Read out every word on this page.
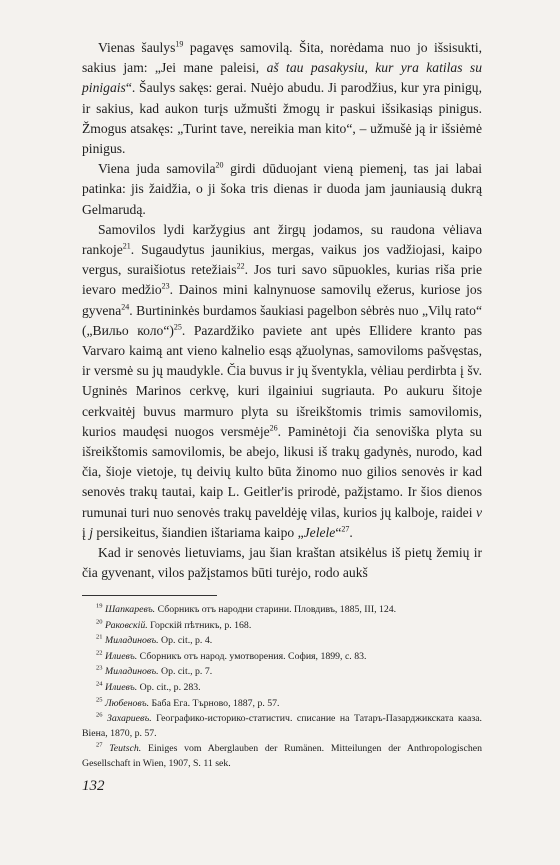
Vienas šaulys$^{19}$ pagavęs samovilą. Šita, norėdama nuo jo išsisukti, sakius jam: „Jei mane paleisi, aš tau pasakysiu, kur yra katilas su pinigais“. Šaulys sakęs: gerai. Nuėjo abudu. Ji parodžius, kur yra pinigų, ir sakius, kad aukon turįs užmušti žmogų ir paskui išsikasiąs pinigus. Žmogus atsakęs: „Turint tave, nereikia man kito“, – užmušė ją ir išsiėmė pinigus.

Viena juda samovila$^{20}$ girdi dūduojant vieną piemenį, tas jai labai patinka: jis žaidžia, o ji šoka tris dienas ir duoda jam jauniausią dukrą Gelmarudą.

Samovilos lydi karžygius ant žirgų jodamos, su raudona vėliava rankoje$^{21}$. Sugaudytus jaunikius, mergas, vaikus jos vadžiojasi, kaipo vergus, suraišiotus retežiais$^{22}$. Jos turi savo sūpuokles, kurias riša prie ievaro medžio$^{23}$. Dainos mini kalnynuose samovilų ežerus, kuriose jos gyvena$^{24}$. Burtininkės burdamos šaukiasi pagelbon sėbrės nuo „Vilų rato“ („Вильо коло“)$^{25}$. Pazardžiko paviete ant upės Ellidere kranto pas Varvaro kaimą ant vieno kalnelio esąs ąžuolynas, samoviloms pašvęstas, ir versmė su jų maudykle. Čia buvus ir jų šventykla, vėliau perdirbta į šv. Ugninės Marinos cerkvę, kuri ilgainiui sugriauta. Po aukuru šitoje cerkvaitėj buvus marmuro plyta su išreikštomis trimis samovilomis, kurios maudęsi nuogos versmėje$^{26}$. Paminėtoji čia senoviška plyta su išreikštomis samovilomis, be abejo, likusi iš trakų gadynės, nurodo, kad čia, šioje vietoje, tų deivių kulto būta žinomo nuo gilios senovės ir kad senovės trakų tautai, kaip L. Geitler'is prirodė, pažįstamo. Ir šios dienos rumunai turi nuo senovės trakų paveldėję vilas, kurios jų kalboje, raidei v į j persikeitus, šiandien ištariama kaipo „Jelele“$^{27}$.

Kad ir senovės lietuviams, jau šian kraštan atsikėlus iš pietų žemių ir čia gyvenant, vilos pažįstamos būti turėjo, rodo aukš

$^{19}$ Шапкаревъ. Сборникъ отъ народни старини. Пловдивъ, 1885, III, 124.

$^{20}$ Раковскій. Горскій пѣтникъ, p. 168.

$^{21}$ Миладиновъ. Op. cit., p. 4.

$^{22}$ Илиевъ. Сборникъ отъ народ. умотворения. София, 1899, с. 83.

$^{23}$ Миладиновъ. Op. cit., p. 7.

$^{24}$ Илиевъ. Op. cit., p. 283.

$^{25}$ Любеновъ. Баба Ега. Търново, 1887, p. 57.

$^{26}$ Захариевъ. Географико-историко-статистич. списание на Татаръ-Пазарджикската кааза. Віена, 1870, p. 57.

$^{27}$ Teutsch. Einiges vom Aberglauben der Rumänen. Mitteilungen der Anthropologischen Gesellschaft in Wien, 1907, S. 11 sek.

132
